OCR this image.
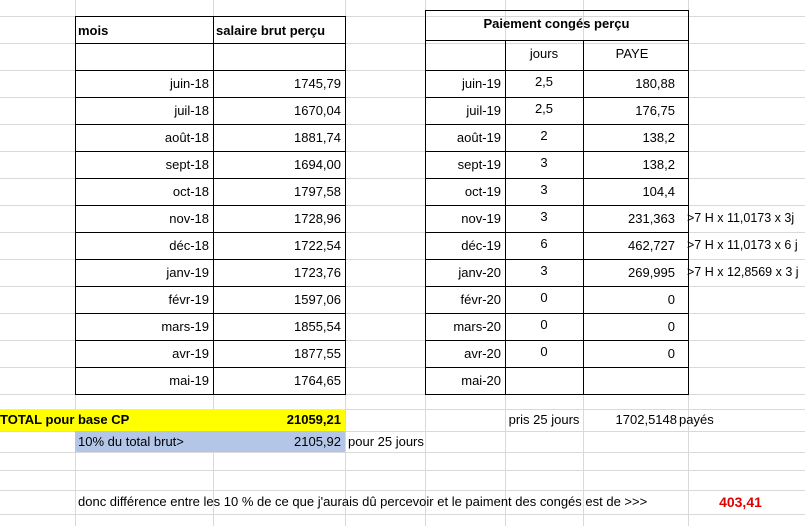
mois	salaire brut perçu	Paiement congés perçu
jours	PAYE
juin-18	1745,79
juil-18	1670,04
août-18	1881,74
sept-18	1694,00
oct-18	1797,58
nov-18	1728,96
déc-18	1722,54
janv-19	1723,76
févr-19	1597,06
mars-19	1855,54
avr-19	1877,55
mai-19	1764,65
juin-19	2,5	180,88
juil-19	2,5	176,75
août-19	2	138,2
sept-19	3	138,2
oct-19	3	104,4
nov-19	3	231,363 >7 H x 11,0173 x 3j
déc-19	6	462,727 >7 H x 11,0173 x 6 j
janv-20	3	269,995 >7 H x 12,8569 x 3 j
févr-20	0	0
mars-20	0	0
avr-20	0	0
mai-20
TOTAL pour base CP	21059,21
10% du total brut>	2105,92 pour 25 jours
pris 25 jours	1702,5148 payés
donc différence entre les 10 % de ce que j'aurais dû percevoir et le paiment des congés est de >>>	403,41
